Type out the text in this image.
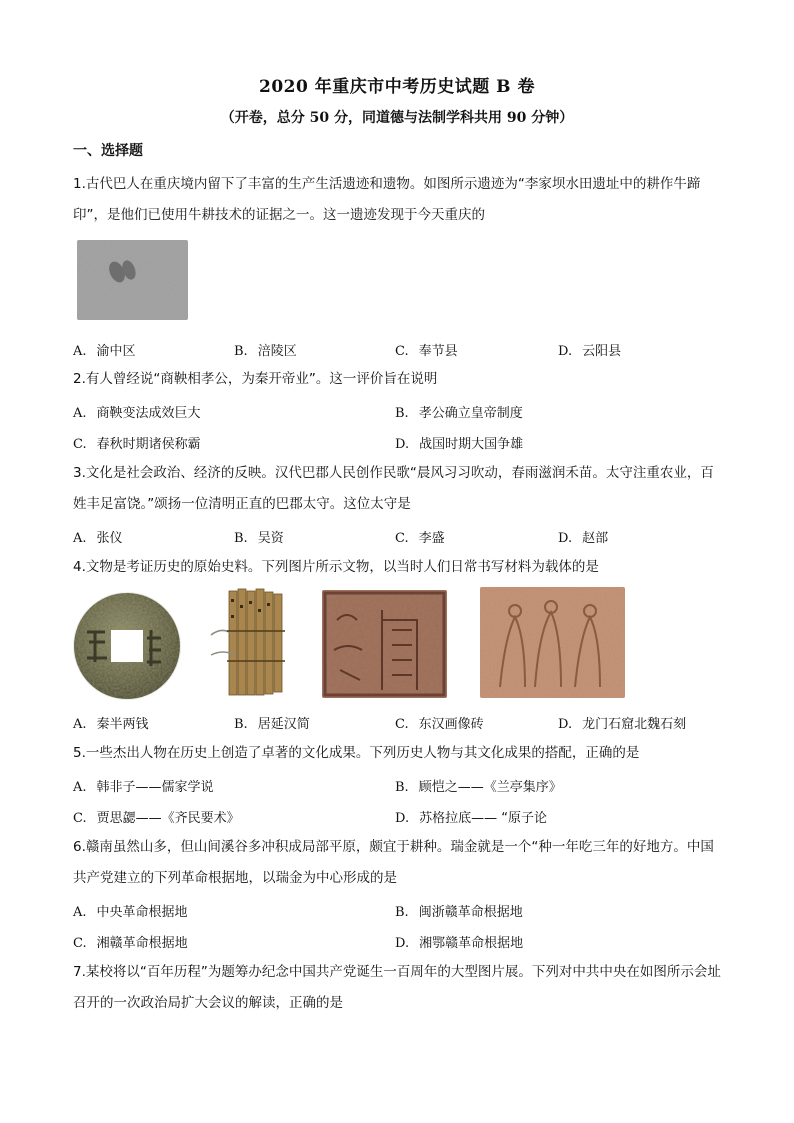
2020 年重庆市中考历史试题 B 卷
（开卷，总分 50 分，同道德与法制学科共用 90 分钟）
一、选择题
1.古代巴人在重庆境内留下了丰富的生产生活遗迹和遗物。如图所示遗迹为“李家坝水田遗址中的耕作牛蹄印”，是他们已使用牛耕技术的证据之一。这一遗迹发现于今天重庆的
A. 渝中区	B. 涪陵区	C. 奉节县	D. 云阳县
2.有人曾经说“商鞅相孝公，为秦开帝业”。这一评价旨在说明
A. 商鞅变法成效巨大	B. 孝公确立皇帝制度
C. 春秋时期诸侯称霸	D. 战国时期大国争雄
3.文化是社会政治、经济的反映。汉代巴郡人民创作民歌“晨风习习吹动，春雨滋润禾苗。太守注重农业，百姓丰足富饶。”颂扬一位清明正直的巴郡太守。这位太守是
A. 张仪	B. 吴资	C. 李盛	D. 赵部
4.文物是考证历史的原始史料。下列图片所示文物，以当时人们日常书写材料为载体的是
A. 秦半两钱	B. 居延汉简	C. 东汉画像砖	D. 龙门石窟北魏石刻
5.一些杰出人物在历史上创造了卓著的文化成果。下列历史人物与其文化成果的搭配，正确的是
A. 韩非子——儒家学说	B. 顾恺之——《兰亭集序》
C. 贾思勰——《齐民要术》	D. 苏格拉底—— “原子论
6.赣南虽然山多，但山间溪谷多冲积成局部平原，颇宜于耕种。瑞金就是一个“种一年吃三年的好地方。中国共产党建立的下列革命根据地，以瑞金为中心形成的是
A. 中央革命根据地	B. 闽浙赣革命根据地
C. 湘赣革命根据地	D. 湘鄂赣革命根据地
7.某校将以“百年历程”为题筹办纪念中国共产党诞生一百周年的大型图片展。下列对中共中央在如图所示会址召开的一次政治局扩大会议的解读，正确的是
